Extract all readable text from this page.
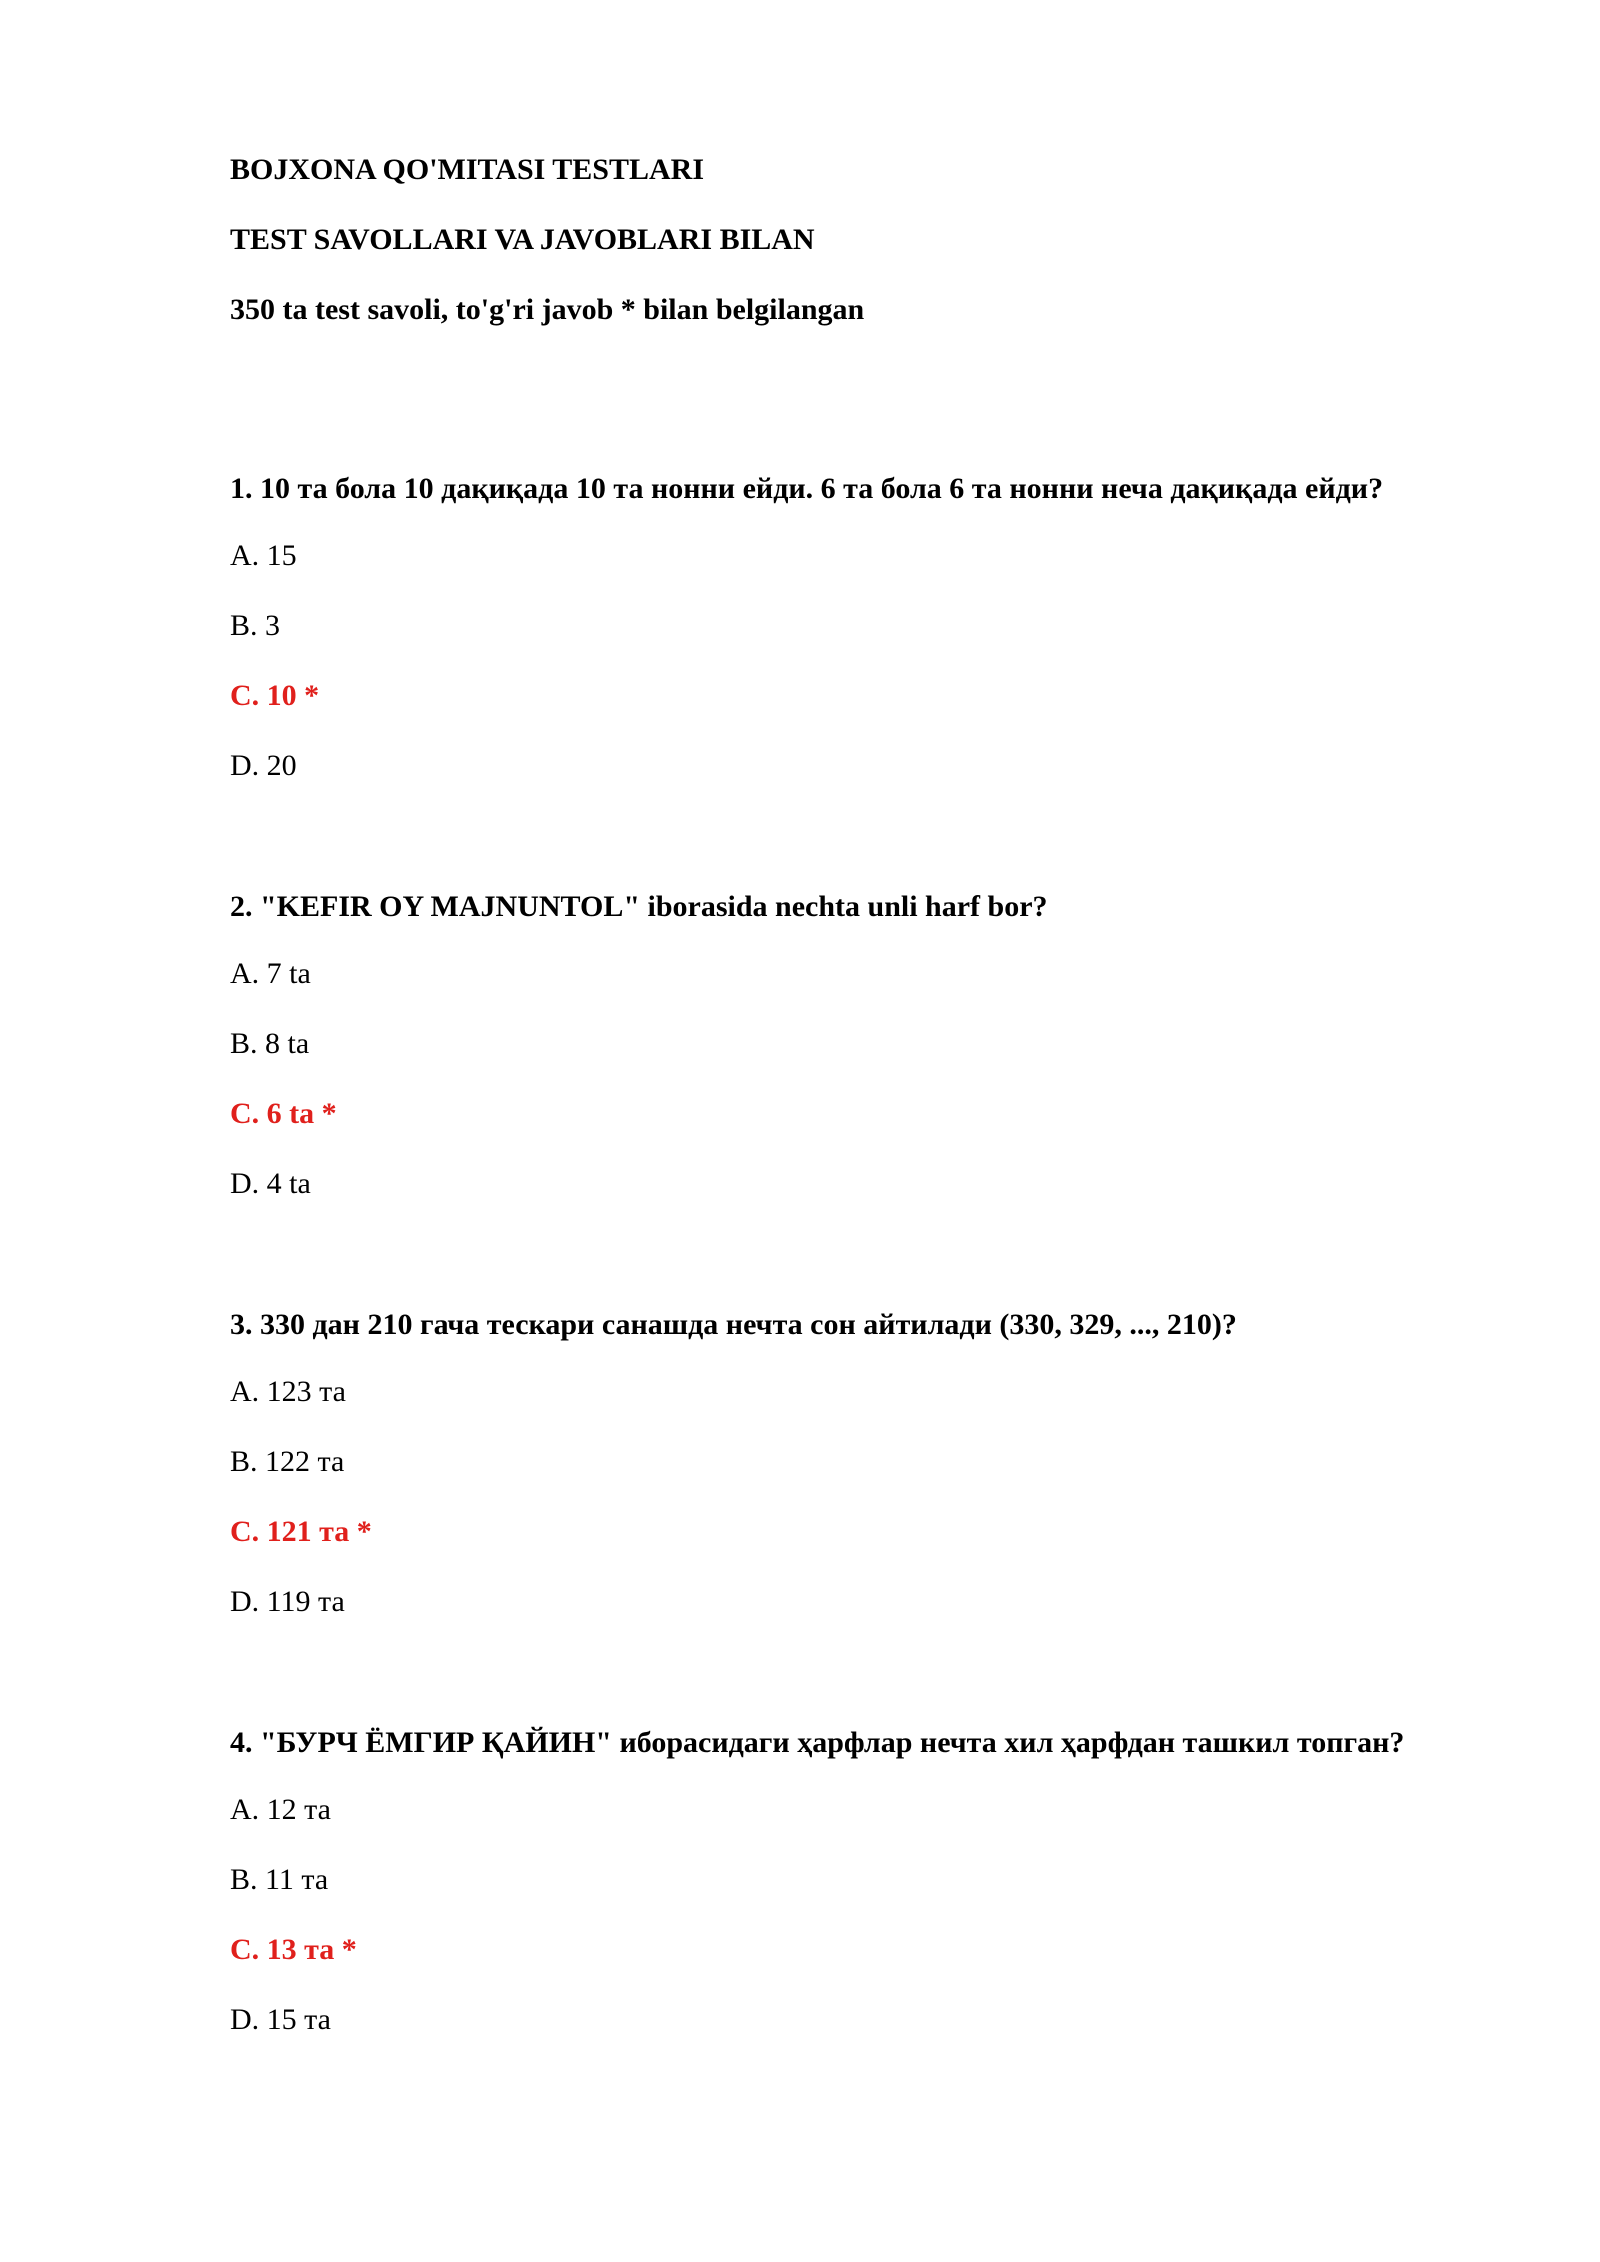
BOJXONA QO'MITASI TESTLARI
TEST SAVOLLARI VA JAVOBLARI BILAN
350 ta test savoli, to'g'ri javob * bilan belgilangan
1. 10 та бола 10 дақиқада 10 та нонни ейди. 6 та бола 6 та нонни неча дақиқада ейди?
A. 15
B. 3
C. 10 *
D. 20
2. "KEFIR OY MAJNUNTOL" iborasida nechta unli harf bor?
A. 7 ta
B. 8 ta
C. 6 ta *
D. 4 ta
3. 330 дан 210 гача тескари санашда нечта сон айтилади (330, 329, ..., 210)?
A. 123 та
B. 122 та
C. 121 та *
D. 119 та
4. "БУРЧ ЁМГИР ҚАЙИН" иборасидаги ҳарфлар нечта хил ҳарфдан ташкил топган?
A. 12 та
B. 11 та
C. 13 та *
D. 15 та
